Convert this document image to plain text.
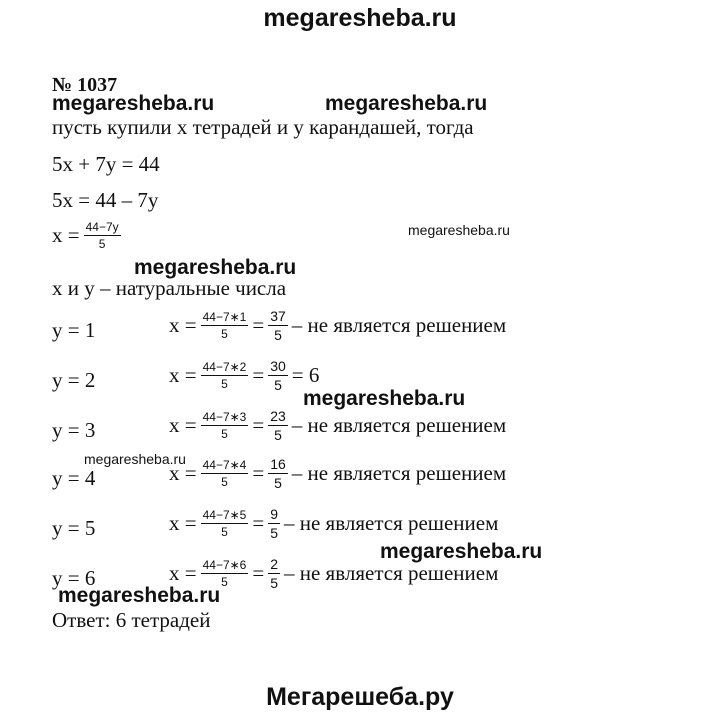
megaresheba.ru
№ 1037
megaresheba.ru	megaresheba.ru
пусть купили х тетрадей и у карандашей, тогда
5х + 7у = 44
5х = 44 – 7у
$х = \frac{44-7у}{5}$	megaresheba.ru
megaresheba.ru
х и у – натуральные числа
у = 1	$х = \frac{44-7∗1}{5} = \frac{37}{5}$ – не является решением
у = 2	$х = \frac{44-7∗2}{5} = \frac{30}{5} = 6$
у = 3	$х = \frac{44-7∗3}{5} = \frac{23}{5}$ – не является решением
у = 4	$х = \frac{44-7∗4}{5} = \frac{16}{5}$ – не является решением
у = 5	$х = \frac{44-7∗5}{5} = \frac{9}{5}$ – не является решением
у = 6	$х = \frac{44-7∗6}{5} = \frac{2}{5}$ – не является решением
megaresheba.ru
megaresheba.ru
megaresheba.ru
megaresheba.ru
Ответ: 6 тетрадей
Мегарешеба.ру
